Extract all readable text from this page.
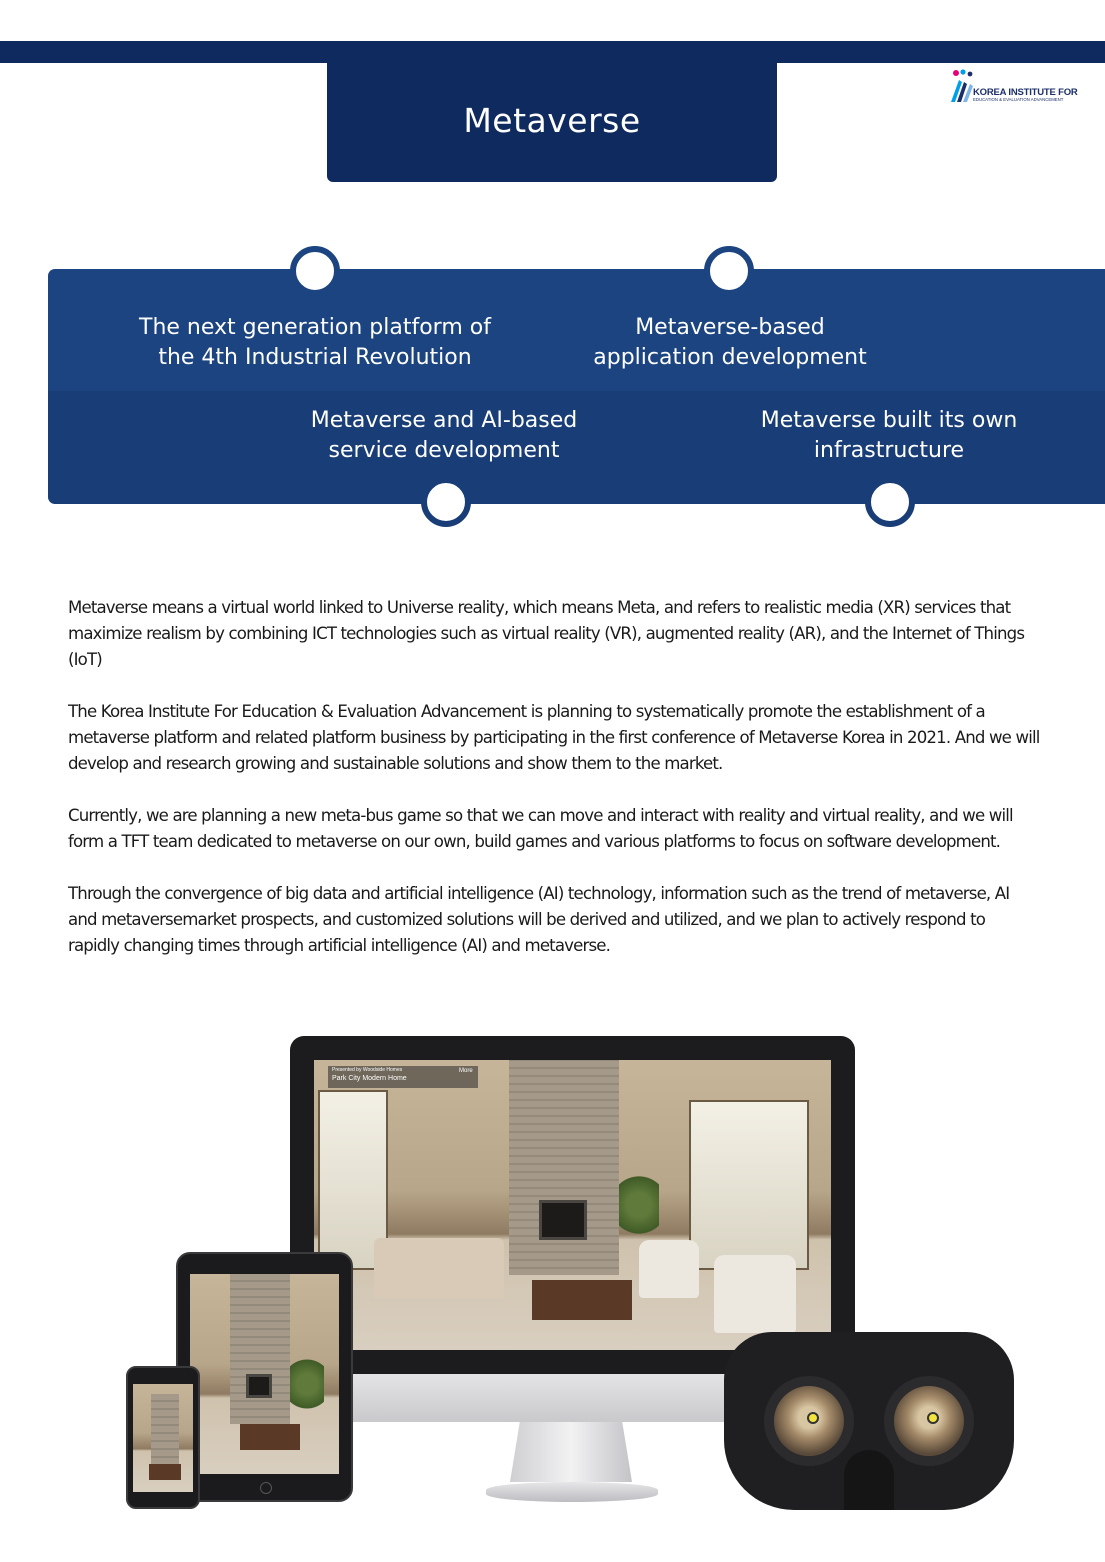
Metaverse
KOREA INSTITUTE FOR
EDUCATION & EVALUATION ADVANCEMENT
The next generation platform of
the 4th Industrial Revolution
Metaverse-based
application development
Metaverse and AI-based
service development
Metaverse built its own
infrastructure

Metaverse means a virtual world linked to Universe reality, which means Meta, and refers to realistic media (XR) services that maximize realism by combining ICT technologies such as virtual reality (VR), augmented reality (AR), and the Internet of Things (IoT)

The Korea Institute For Education & Evaluation Advancement is planning to systematically promote the establishment of a metaverse platform and related platform business by participating in the first conference of Metaverse Korea in 2021. And we will develop and research growing and sustainable solutions and show them to the market.

Currently, we are planning a new meta-bus game so that we can move and interact with reality and virtual reality, and we will form a TFT team dedicated to metaverse on our own, build games and various platforms to focus on software development.

Through the convergence of big data and artificial intelligence (AI) technology, information such as the trend of metaverse, AI and metaversemarket prospects, and customized solutions will be derived and utilized, and we plan to actively respond to rapidly changing times through artificial intelligence (AI) and metaverse.

Presented by Woodside Homes
Park City Modern Home
More
